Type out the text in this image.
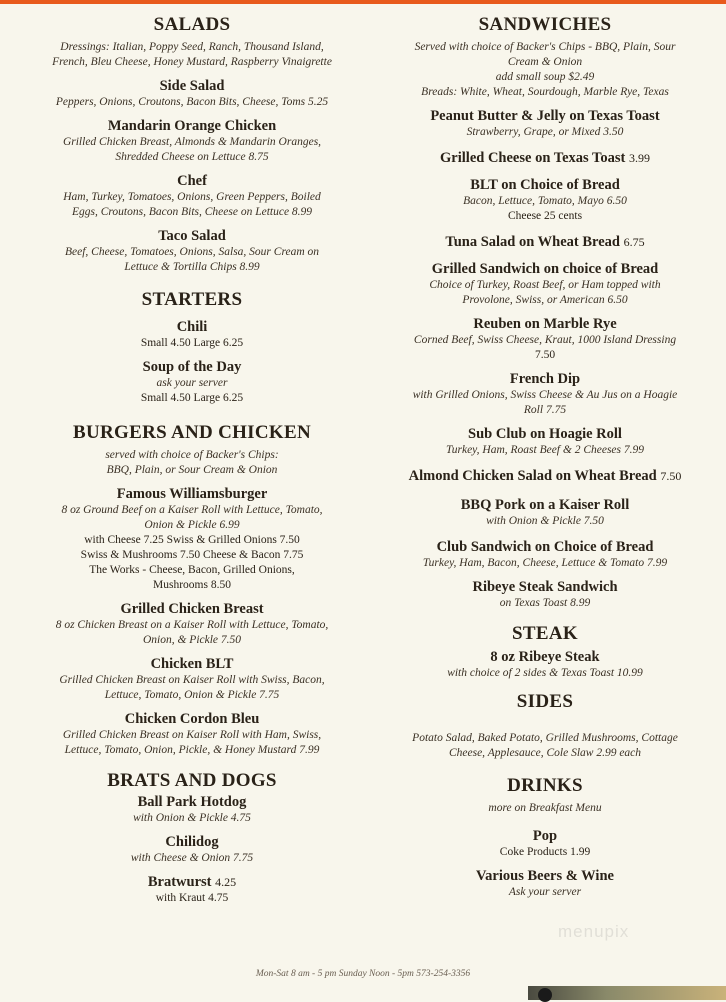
SALADS

Dressings: Italian, Poppy Seed, Ranch, Thousand Island,

French, Bleu Cheese, Honey Mustard, Raspberry Vinaigrette

Side Salad

Peppers, Onions, Croutons, Bacon Bits, Cheese, Toms 5.25

Mandarin Orange Chicken

Grilled Chicken Breast, Almonds & Mandarin Oranges,

Shredded Cheese on Lettuce 8.75

Chef

Ham, Turkey, Tomatoes, Onions, Green Peppers, Boiled

Eggs, Croutons, Bacon Bits, Cheese on Lettuce 8.99

Taco Salad

Beef, Cheese, Tomatoes, Onions, Salsa, Sour Cream on

Lettuce & Tortilla Chips 8.99

STARTERS

Chili

Small 4.50 Large 6.25

Soup of the Day

ask your server

Small 4.50 Large 6.25

BURGERS AND CHICKEN

served with choice of Backer's Chips:

BBQ, Plain, or Sour Cream & Onion

Famous Williamsburger

8 oz Ground Beef on a Kaiser Roll with Lettuce, Tomato,

Onion & Pickle 6.99

with Cheese 7.25 Swiss & Grilled Onions 7.50

Swiss & Mushrooms 7.50 Cheese & Bacon 7.75

The Works - Cheese, Bacon, Grilled Onions,

Mushrooms 8.50

Grilled Chicken Breast

8 oz Chicken Breast on a Kaiser Roll with Lettuce, Tomato,

Onion, & Pickle 7.50

Chicken BLT

Grilled Chicken Breast on Kaiser Roll with Swiss, Bacon,

Lettuce, Tomato, Onion & Pickle 7.75

Chicken Cordon Bleu

Grilled Chicken Breast on Kaiser Roll with Ham, Swiss,

Lettuce, Tomato, Onion, Pickle, & Honey Mustard 7.99

BRATS AND DOGS

Ball Park Hotdog

with Onion & Pickle 4.75

Chilidog

with Cheese & Onion 7.75

Bratwurst 4.25

with Kraut 4.75

SANDWICHES

Served with choice of Backer's Chips - BBQ, Plain, Sour

Cream & Onion

add small soup $2.49

Breads: White, Wheat, Sourdough, Marble Rye, Texas

Peanut Butter & Jelly on Texas Toast

Strawberry, Grape, or Mixed 3.50

Grilled Cheese on Texas Toast 3.99

BLT on Choice of Bread

Bacon, Lettuce, Tomato, Mayo 6.50

Cheese 25 cents

Tuna Salad on Wheat Bread 6.75

Grilled Sandwich on choice of Bread

Choice of Turkey, Roast Beef, or Ham topped with

Provolone, Swiss, or American 6.50

Reuben on Marble Rye

Corned Beef, Swiss Cheese, Kraut, 1000 Island Dressing

7.50

French Dip

with Grilled Onions, Swiss Cheese & Au Jus on a Hoagie

Roll 7.75

Sub Club on Hoagie Roll

Turkey, Ham, Roast Beef & 2 Cheeses 7.99

Almond Chicken Salad on Wheat Bread 7.50

BBQ Pork on a Kaiser Roll

with Onion & Pickle 7.50

Club Sandwich on Choice of Bread

Turkey, Ham, Bacon, Cheese, Lettuce & Tomato 7.99

Ribeye Steak Sandwich

on Texas Toast 8.99

STEAK

8 oz Ribeye Steak

with choice of 2 sides & Texas Toast 10.99

SIDES

Potato Salad, Baked Potato, Grilled Mushrooms, Cottage

Cheese, Applesauce, Cole Slaw 2.99 each

DRINKS

more on Breakfast Menu

Pop

Coke Products 1.99

Various Beers & Wine

Ask your server

menupix
Mon-Sat 8 am - 5 pm Sunday Noon - 5pm 573-254-3356
